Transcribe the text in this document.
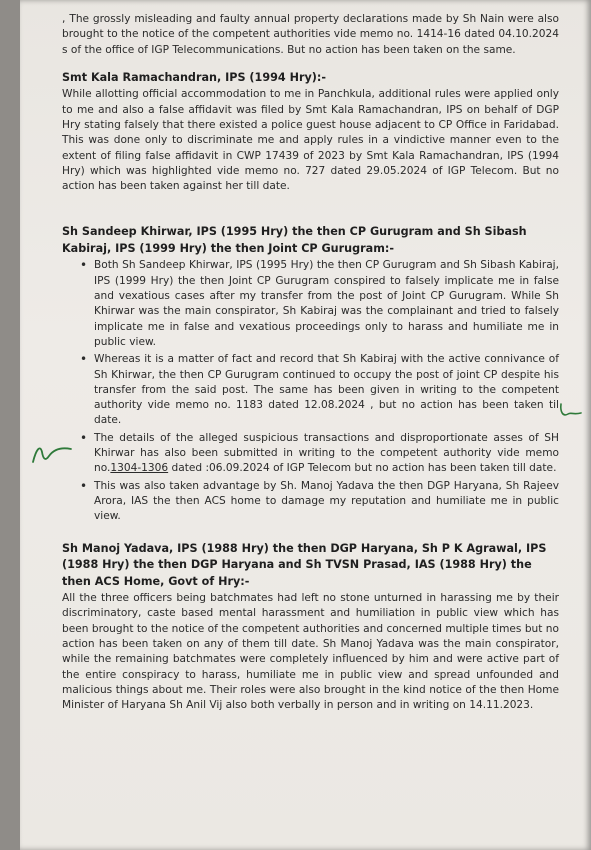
, The grossly misleading and faulty annual property declarations made by Sh Nain were also brought to the notice of the competent authorities vide memo no. 1414-16 dated 04.10.2024 s of the office of IGP Telecommunications. But no action has been taken on the same.

Smt Kala Ramachandran, IPS (1994 Hry):-

While allotting official accommodation to me in Panchkula, additional rules were applied only to me and also a false affidavit was filed by Smt Kala Ramachandran, IPS on behalf of DGP Hry stating falsely that there existed a police guest house adjacent to CP Office in Faridabad. This was done only to discriminate me and apply rules in a vindictive manner even to the extent of filing false affidavit in CWP 17439 of 2023 by Smt Kala Ramachandran, IPS (1994 Hry) which was highlighted vide memo no. 727 dated 29.05.2024 of IGP Telecom. But no action has been taken against her till date.

Sh Sandeep Khirwar, IPS (1995 Hry) the then CP Gurugram and Sh Sibash Kabiraj, IPS (1999 Hry) the then Joint CP Gurugram:-
• Both Sh Sandeep Khirwar, IPS (1995 Hry) the then CP Gurugram and Sh Sibash Kabiraj, IPS (1999 Hry) the then Joint CP Gurugram conspired to falsely implicate me in false and vexatious cases after my transfer from the post of Joint CP Gurugram. While Sh Khirwar was the main conspirator, Sh Kabiraj was the complainant and tried to falsely implicate me in false and vexatious proceedings only to harass and humiliate me in public view.
• Whereas it is a matter of fact and record that Sh Kabiraj with the active connivance of Sh Khirwar, the then CP Gurugram continued to occupy the post of joint CP despite his transfer from the said post. The same has been given in writing to the competent authority vide memo no. 1183 dated 12.08.2024 , but no action has been taken til date.
• The details of the alleged suspicious transactions and disproportionate asses of SH Khirwar has also been submitted in writing to the competent authority vide memo no.1304-1306 dated :06.09.2024 of IGP Telecom but no action has been taken till date.
• This was also taken advantage by Sh. Manoj Yadava the then DGP Haryana, Sh Rajeev Arora, IAS the then ACS home to damage my reputation and humiliate me in public view.
Sh Manoj Yadava, IPS (1988 Hry) the then DGP Haryana, Sh P K Agrawal, IPS (1988 Hry) the then DGP Haryana and Sh TVSN Prasad, IAS (1988 Hry) the then ACS Home, Govt of Hry:-

All the three officers being batchmates had left no stone unturned in harassing me by their discriminatory, caste based mental harassment and humiliation in public view which has been brought to the notice of the competent authorities and concerned multiple times but no action has been taken on any of them till date. Sh Manoj Yadava was the main conspirator, while the remaining batchmates were completely influenced by him and were active part of the entire conspiracy to harass, humiliate me in public view and spread unfounded and malicious things about me. Their roles were also brought in the kind notice of the then Home Minister of Haryana Sh Anil Vij also both verbally in person and in writing on 14.11.2023.
